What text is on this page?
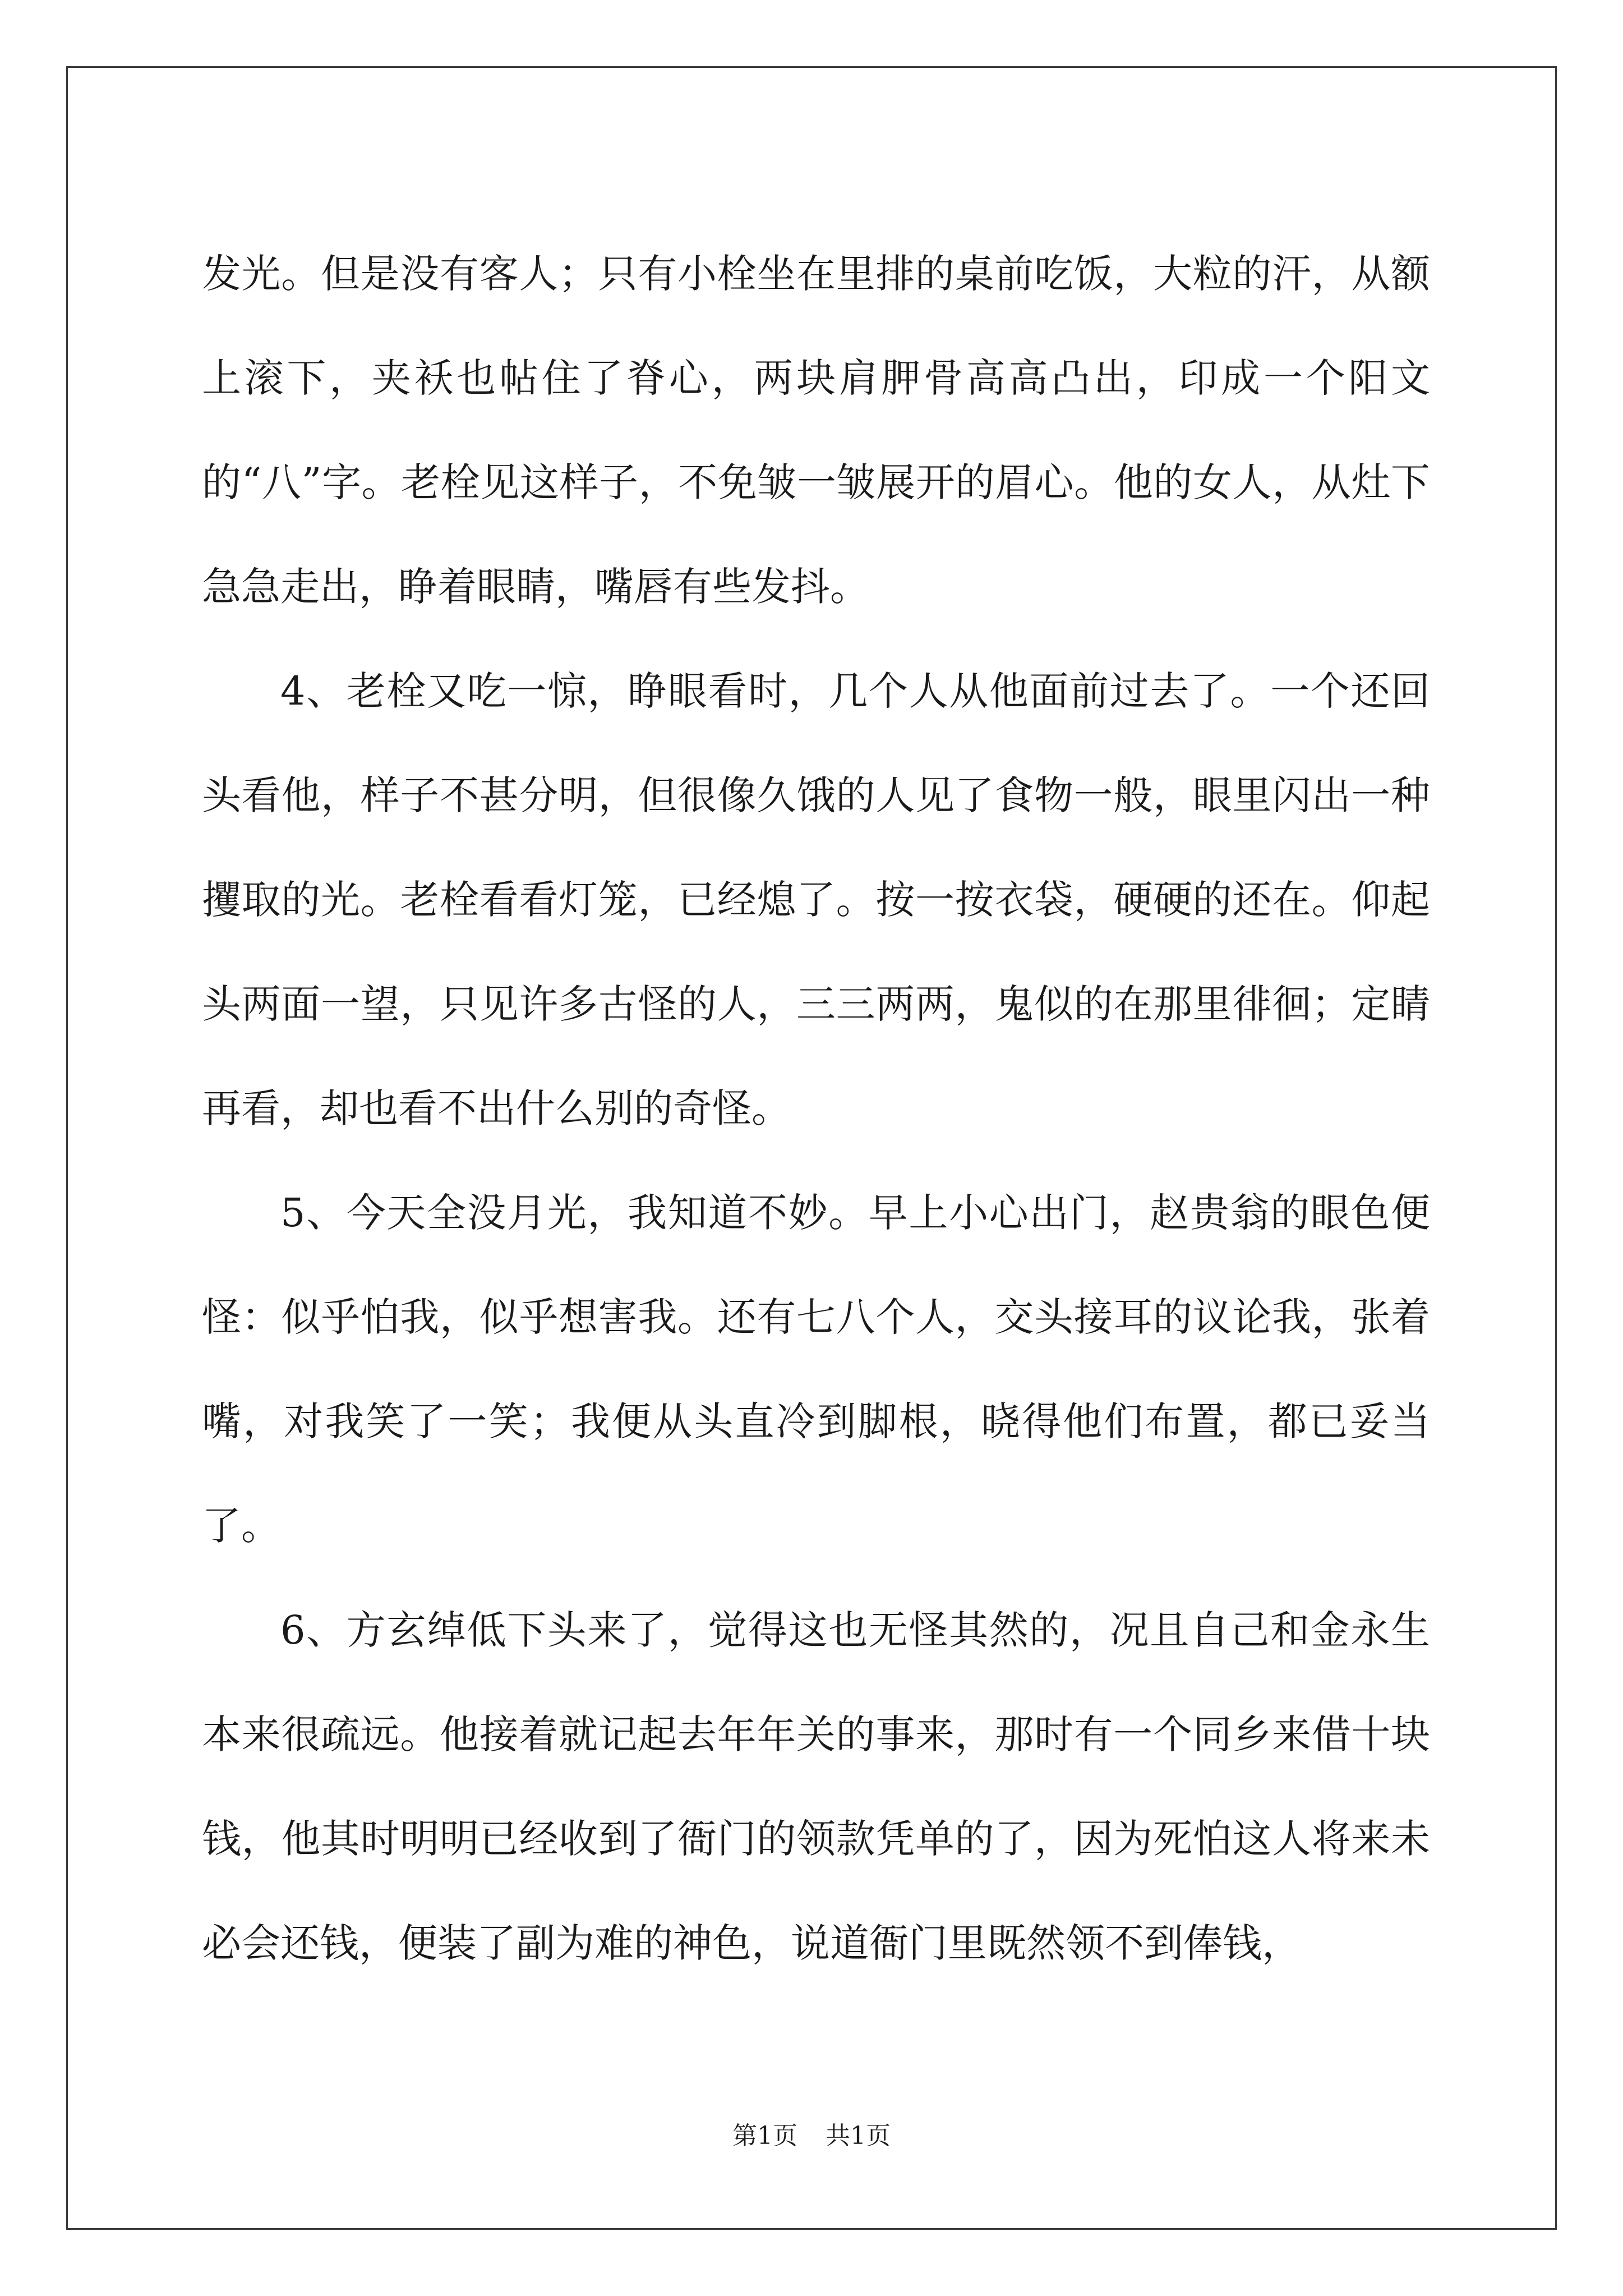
发光。但是没有客人；只有小栓坐在里排的桌前吃饭，大粒的汗，从额上滚下，夹袄也帖住了脊心，两块肩胛骨高高凸出，印成一个阳文的“八”字。老栓见这样子，不免皱一皱展开的眉心。他的女人，从灶下急急走出，睁着眼睛，嘴唇有些发抖。

4、老栓又吃一惊，睁眼看时，几个人从他面前过去了。一个还回头看他，样子不甚分明，但很像久饿的人见了食物一般，眼里闪出一种攫取的光。老栓看看灯笼，已经熄了。按一按衣袋，硬硬的还在。仰起头两面一望，只见许多古怪的人，三三两两，鬼似的在那里徘徊；定睛再看，却也看不出什么别的奇怪。

5、今天全没月光，我知道不妙。早上小心出门，赵贵翁的眼色便怪：似乎怕我，似乎想害我。还有七八个人，交头接耳的议论我，张着嘴，对我笑了一笑；我便从头直冷到脚根，晓得他们布置，都已妥当了。

6、方玄绰低下头来了，觉得这也无怪其然的，况且自己和金永生本来很疏远。他接着就记起去年年关的事来，那时有一个同乡来借十块钱，他其时明明已经收到了衙门的领款凭单的了，因为死怕这人将来未必会还钱，便装了副为难的神色，说道衙门里既然领不到俸钱，

第1页 共1页
